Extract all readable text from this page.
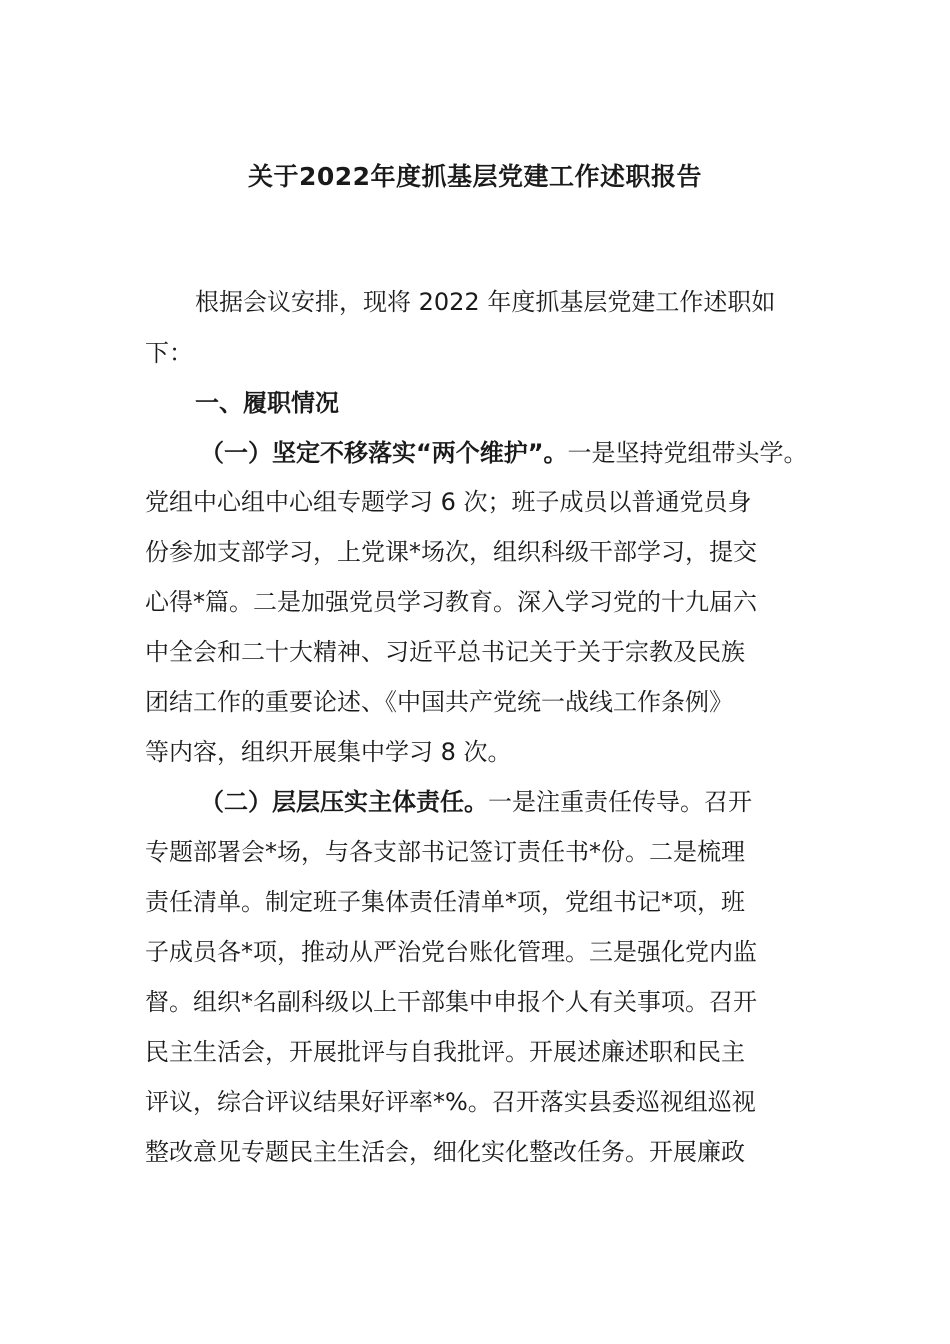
关于2022年度抓基层党建工作述职报告
根据会议安排，现将 2022 年度抓基层党建工作述职如
下：
一、履职情况
（一）坚定不移落实“两个维护”。一是坚持党组带头学。
党组中心组中心组专题学习 6 次；班子成员以普通党员身
份参加支部学习，上党课*场次，组织科级干部学习，提交
心得*篇。二是加强党员学习教育。深入学习党的十九届六
中全会和二十大精神、习近平总书记关于关于宗教及民族
团结工作的重要论述、《中国共产党统一战线工作条例》
等内容，组织开展集中学习 8 次。
（二）层层压实主体责任。一是注重责任传导。召开
专题部署会*场，与各支部书记签订责任书*份。二是梳理
责任清单。制定班子集体责任清单*项，党组书记*项，班
子成员各*项，推动从严治党台账化管理。三是强化党内监
督。组织*名副科级以上干部集中申报个人有关事项。召开
民主生活会，开展批评与自我批评。开展述廉述职和民主
评议，综合评议结果好评率*%。召开落实县委巡视组巡视
整改意见专题民主生活会，细化实化整改任务。开展廉政
